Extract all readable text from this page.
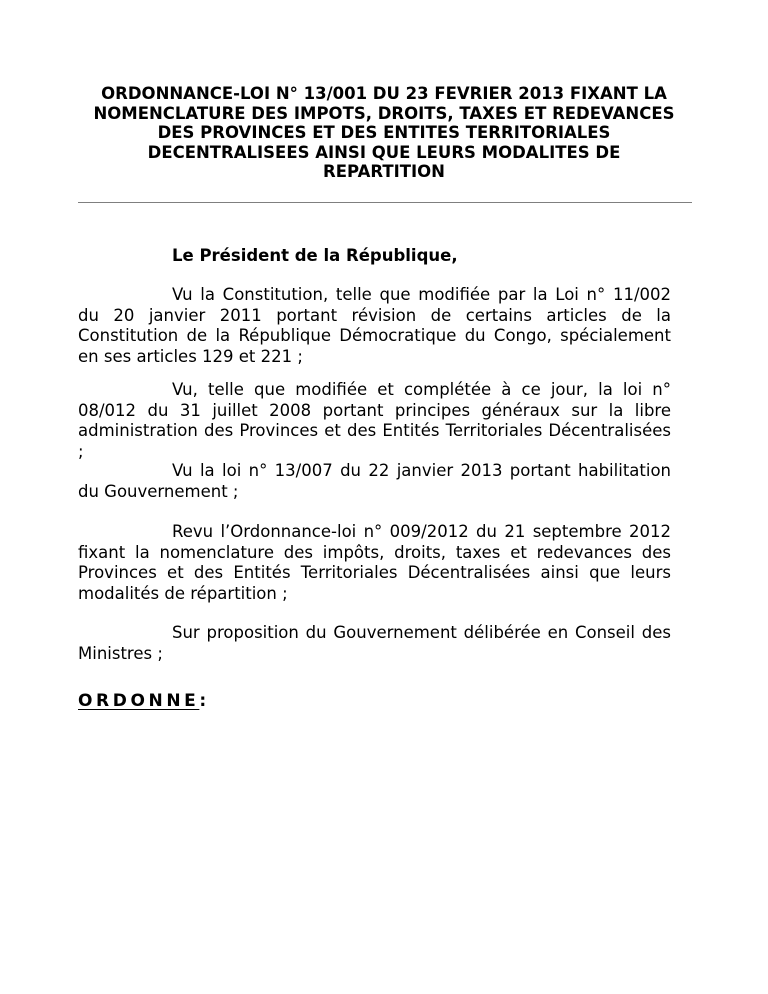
ORDONNANCE-LOI N° 13/001 DU 23 FEVRIER 2013 FIXANT LA
NOMENCLATURE DES IMPOTS, DROITS, TAXES ET REDEVANCES
DES PROVINCES ET DES ENTITES TERRITORIALES
DECENTRALISEES AINSI QUE LEURS MODALITES DE
REPARTITION
Le Président de la République,

Vu la Constitution, telle que modifiée par la Loi n° 11/002 du 20 janvier 2011 portant révision de certains articles de la Constitution de la République Démocratique du Congo, spécialement en ses articles 129 et 221 ;

Vu, telle que modifiée et complétée à ce jour, la loi n° 08/012 du 31 juillet 2008 portant principes généraux sur la libre administration des Provinces et des Entités Territoriales Décentralisées ;

Vu la loi n° 13/007 du 22 janvier 2013 portant habilitation du Gouvernement ;

Revu l’Ordonnance-loi n° 009/2012 du 21 septembre 2012 fixant la nomenclature des impôts, droits, taxes et redevances des Provinces et des Entités Territoriales Décentralisées ainsi que leurs modalités de répartition ;

Sur proposition du Gouvernement délibérée en Conseil des Ministres ;

ORDONNE:
